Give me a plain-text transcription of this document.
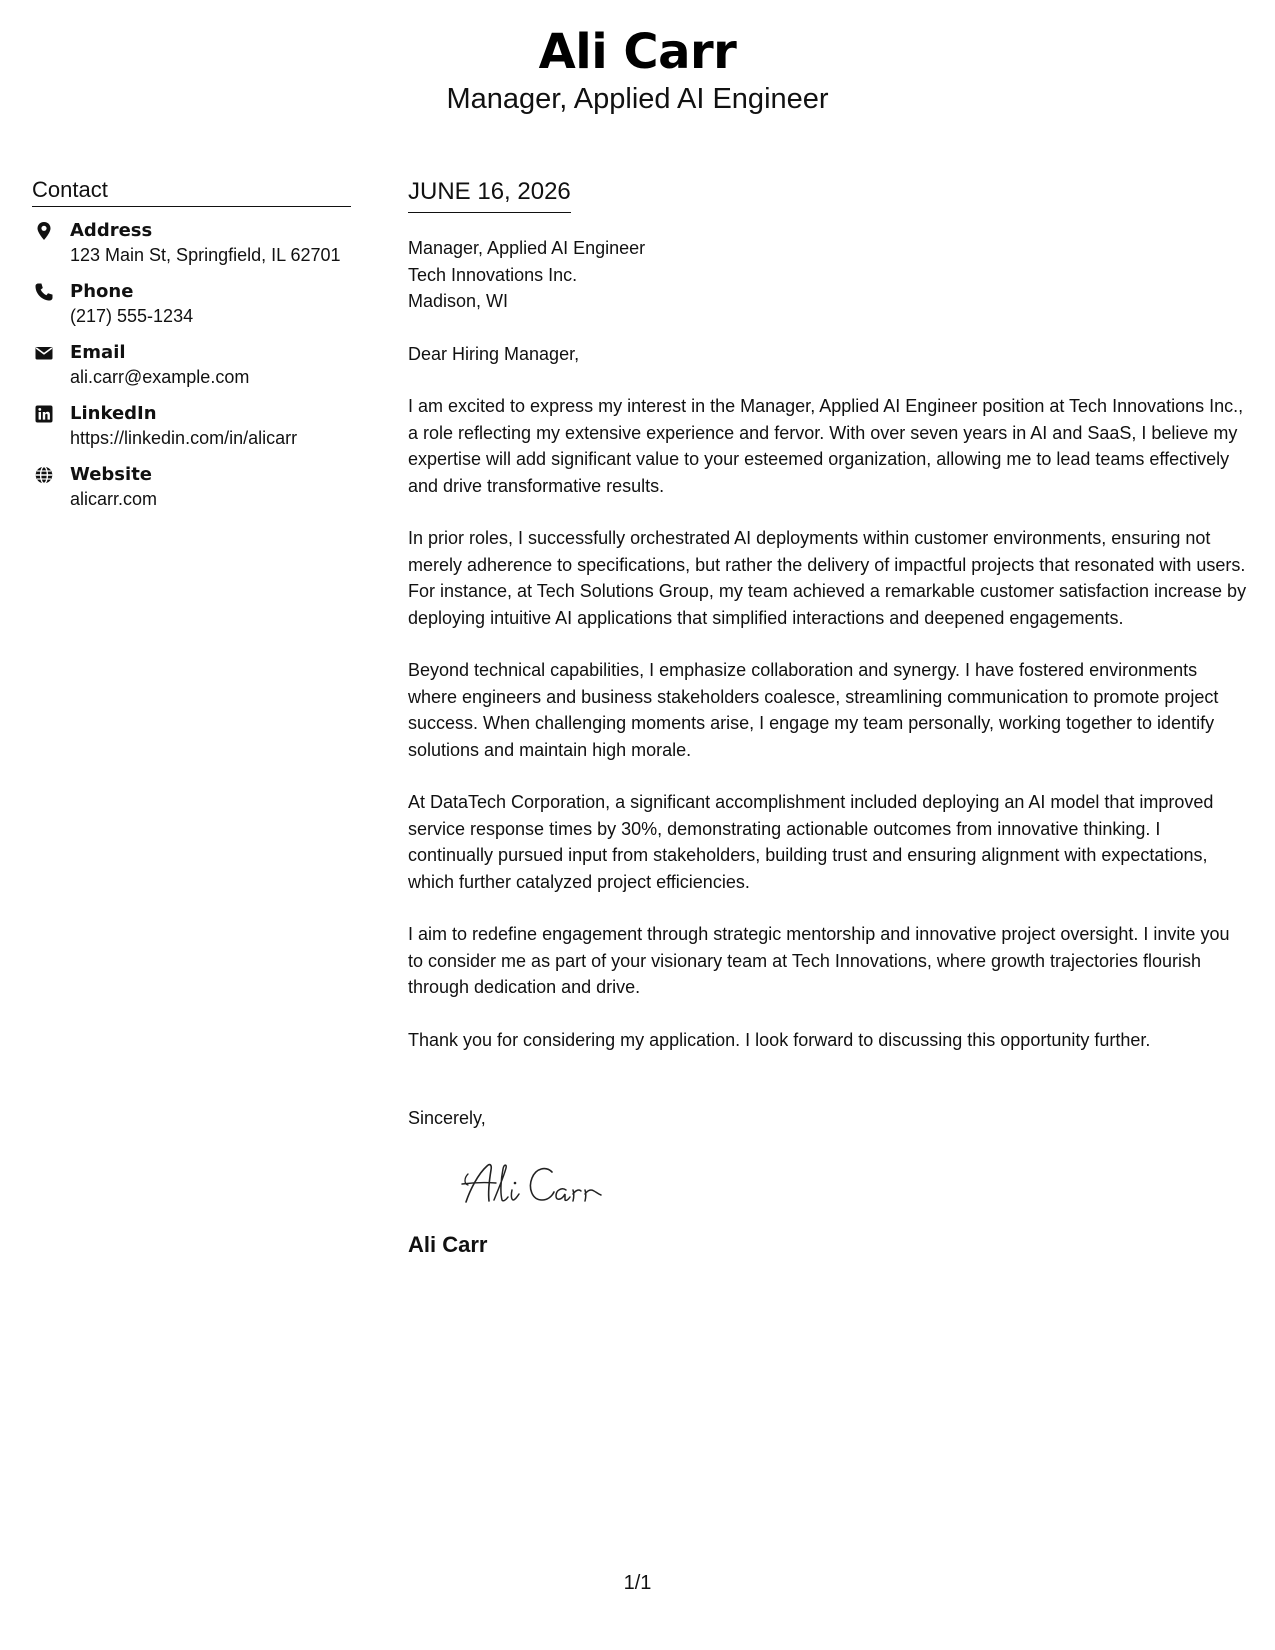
Ali Carr
Manager, Applied AI Engineer
Contact
Address
123 Main St, Springfield, IL 62701
Phone
(217) 555-1234
Email
ali.carr@example.com
LinkedIn
https://linkedin.com/in/alicarr
Website
alicarr.com
JUNE 16, 2026
Manager, Applied AI Engineer
Tech Innovations Inc.
Madison, WI

Dear Hiring Manager,

I am excited to express my interest in the Manager, Applied AI Engineer position at Tech Innovations Inc., a role reflecting my extensive experience and fervor. With over seven years in AI and SaaS, I believe my expertise will add significant value to your esteemed organization, allowing me to lead teams effectively and drive transformative results.

In prior roles, I successfully orchestrated AI deployments within customer environments, ensuring not merely adherence to specifications, but rather the delivery of impactful projects that resonated with users. For instance, at Tech Solutions Group, my team achieved a remarkable customer satisfaction increase by deploying intuitive AI applications that simplified interactions and deepened engagements.

Beyond technical capabilities, I emphasize collaboration and synergy. I have fostered environments where engineers and business stakeholders coalesce, streamlining communication to promote project success. When challenging moments arise, I engage my team personally, working together to identify solutions and maintain high morale.

At DataTech Corporation, a significant accomplishment included deploying an AI model that improved service response times by 30%, demonstrating actionable outcomes from innovative thinking. I continually pursued input from stakeholders, building trust and ensuring alignment with expectations, which further catalyzed project efficiencies.

I aim to redefine engagement through strategic mentorship and innovative project oversight. I invite you to consider me as part of your visionary team at Tech Innovations, where growth trajectories flourish through dedication and drive.

Thank you for considering my application. I look forward to discussing this opportunity further.

Sincerely,

Ali Carr
1/1
